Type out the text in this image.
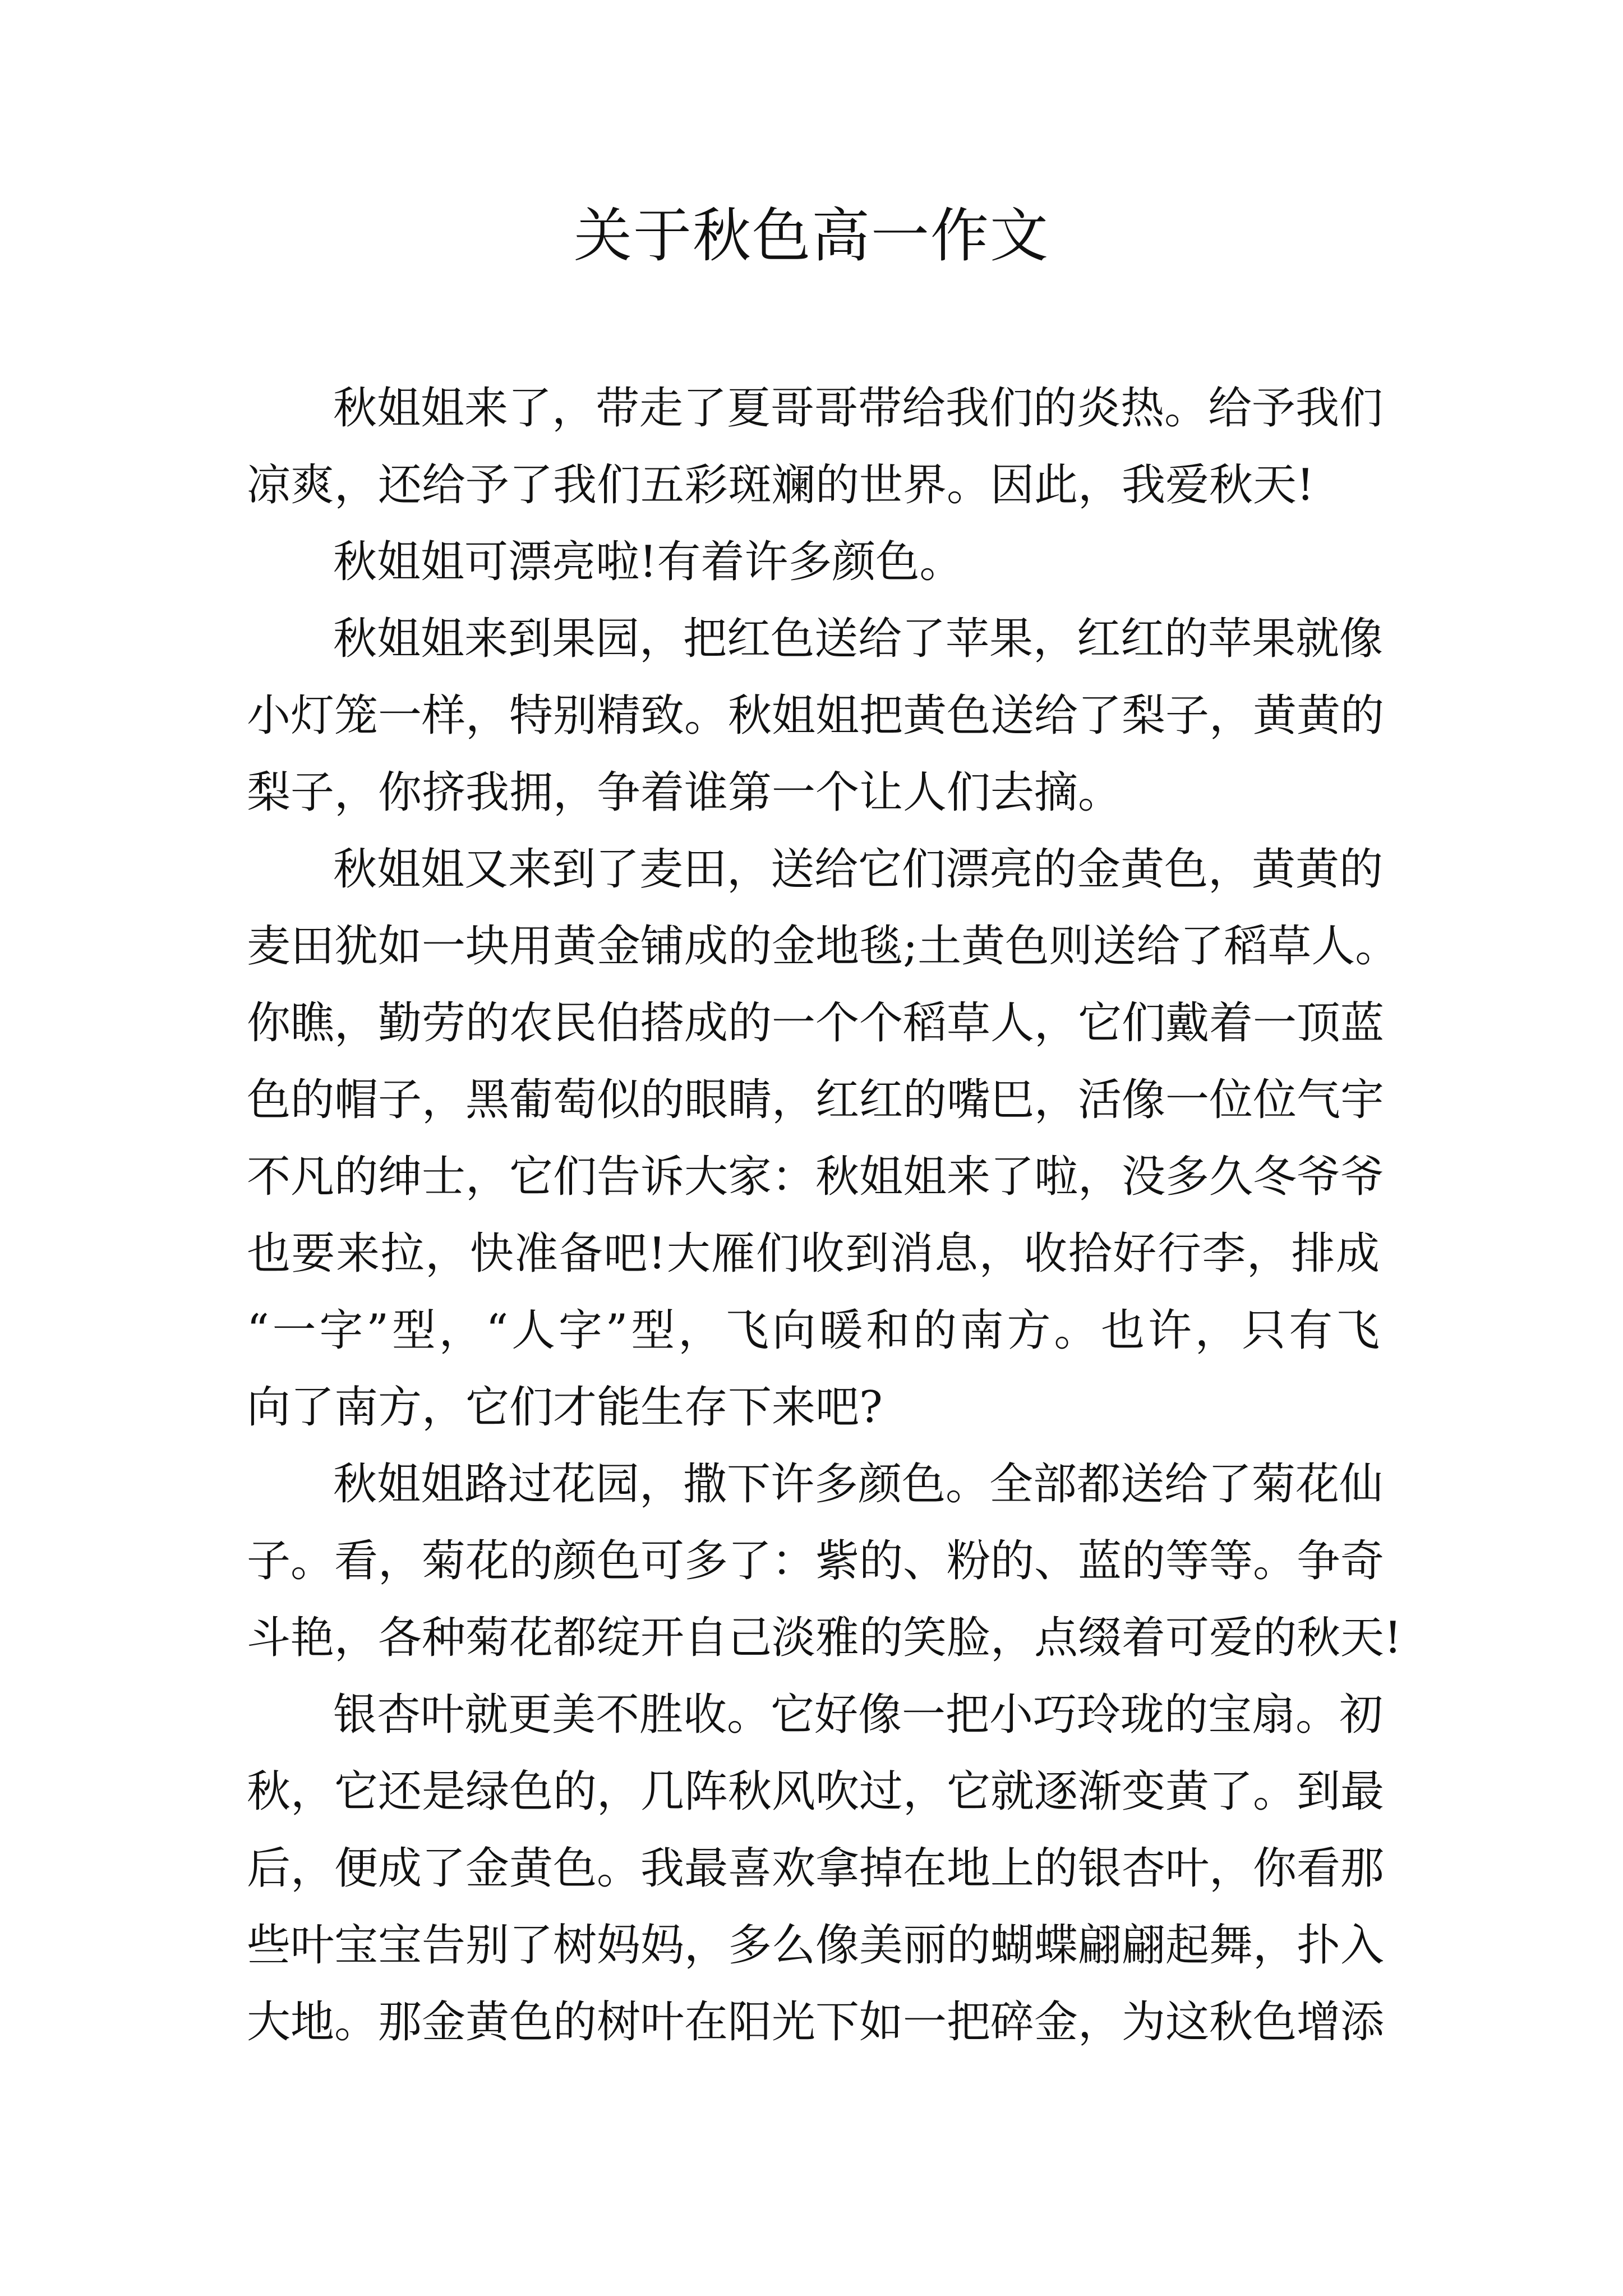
关于秋色高一作文
秋姐姐来了，带走了夏哥哥带给我们的炎热。给予我们
凉爽，还给予了我们五彩斑斓的世界。因此，我爱秋天!
秋姐姐可漂亮啦!有着许多颜色。
秋姐姐来到果园，把红色送给了苹果，红红的苹果就像
小灯笼一样，特别精致。秋姐姐把黄色送给了梨子，黄黄的
梨子，你挤我拥，争着谁第一个让人们去摘。
秋姐姐又来到了麦田，送给它们漂亮的金黄色，黄黄的
麦田犹如一块用黄金铺成的金地毯;土黄色则送给了稻草人。
你瞧，勤劳的农民伯搭成的一个个稻草人，它们戴着一顶蓝
色的帽子，黑葡萄似的眼睛，红红的嘴巴，活像一位位气宇
不凡的绅士，它们告诉大家：秋姐姐来了啦，没多久冬爷爷
也要来拉，快准备吧!大雁们收到消息，收拾好行李，排成
“一字”型，“人字”型，飞向暖和的南方。也许，只有飞
向了南方，它们才能生存下来吧?
秋姐姐路过花园，撒下许多颜色。全部都送给了菊花仙
子。看，菊花的颜色可多了：紫的、粉的、蓝的等等。争奇
斗艳，各种菊花都绽开自己淡雅的笑脸，点缀着可爱的秋天!
银杏叶就更美不胜收。它好像一把小巧玲珑的宝扇。初
秋，它还是绿色的，几阵秋风吹过，它就逐渐变黄了。到最
后，便成了金黄色。我最喜欢拿掉在地上的银杏叶，你看那
些叶宝宝告别了树妈妈，多么像美丽的蝴蝶翩翩起舞，扑入
大地。那金黄色的树叶在阳光下如一把碎金，为这秋色增添
